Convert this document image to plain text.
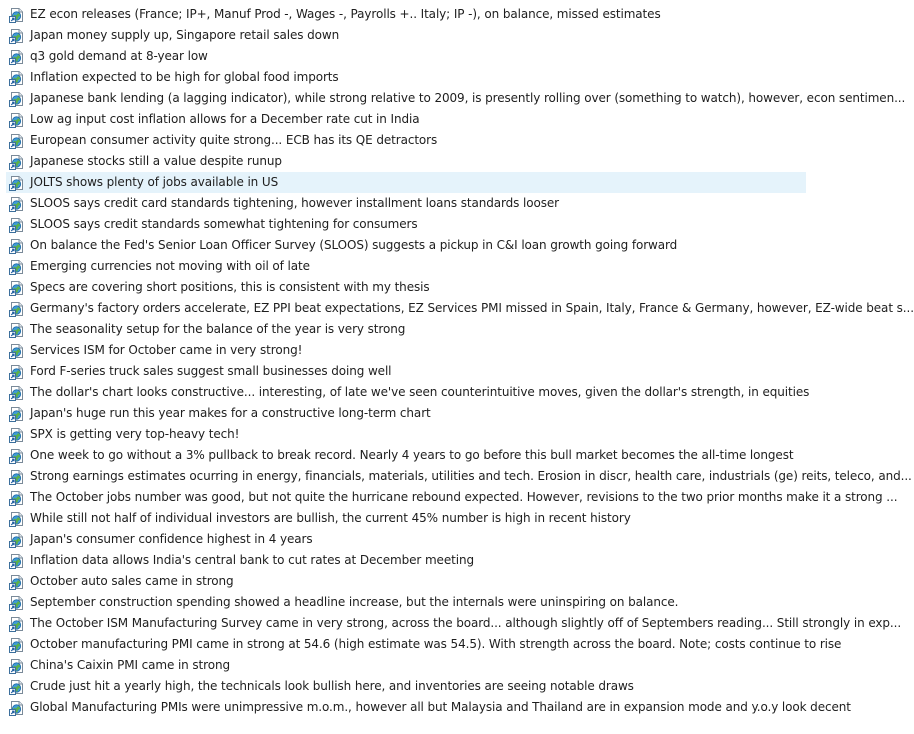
EZ econ releases (France; IP+, Manuf Prod -, Wages -, Payrolls +.. Italy; IP -), on balance, missed estimates
Japan money supply up, Singapore retail sales down
q3 gold demand at 8-year low
Inflation expected to be high for global food imports
Japanese bank lending (a lagging indicator), while strong relative to 2009, is presently rolling over (something to watch), however, econ sentimen...
Low ag input cost inflation allows for a December rate cut in India
European consumer activity quite strong... ECB has its QE detractors
Japanese stocks still a value despite runup
JOLTS shows plenty of jobs available in US
SLOOS says credit card standards tightening, however installment loans standards looser
SLOOS says credit standards somewhat tightening for consumers
On balance the Fed's Senior Loan Officer Survey (SLOOS) suggests a pickup in C&I loan growth going forward
Emerging currencies not moving with oil of late
Specs are covering short positions, this is consistent with my thesis
Germany's factory orders accelerate, EZ PPI beat expectations, EZ Services PMI missed in Spain, Italy, France & Germany, however, EZ-wide beat s...
The seasonality setup for the balance of the year is very strong
Services ISM for October came in very strong!
Ford F-series truck sales suggest small businesses doing well
The dollar's chart looks constructive... interesting, of late we've seen counterintuitive moves, given the dollar's strength, in equities
Japan's huge run this year makes for a constructive long-term chart
SPX is getting very top-heavy tech!
One week to go without a 3% pullback to break record. Nearly 4 years to go before this bull market becomes the all-time longest
Strong earnings estimates ocurring in energy, financials, materials, utilities and tech. Erosion in discr, health care, industrials (ge) reits, teleco, and...
The October jobs number was good, but not quite the hurricane rebound expected. However, revisions to the two prior months make it a strong ...
While still not half of individual investors are bullish, the current 45% number is high in recent history
Japan's consumer confidence highest in 4 years
Inflation data allows India's central bank to cut rates at December meeting
October auto sales came in strong
September construction spending showed a headline increase, but the internals were uninspiring on balance.
The October ISM Manufacturing Survey came in very strong, across the board... although slightly off of Septembers reading... Still strongly in exp...
October manufacturing PMI came in strong at 54.6 (high estimate was 54.5). With strength across the board. Note; costs continue to rise
China's Caixin PMI came in strong
Crude just hit a yearly high, the technicals look bullish here, and inventories are seeing notable draws
Global Manufacturing PMIs were unimpressive m.o.m., however all but Malaysia and Thailand are in expansion mode and y.o.y look decent
